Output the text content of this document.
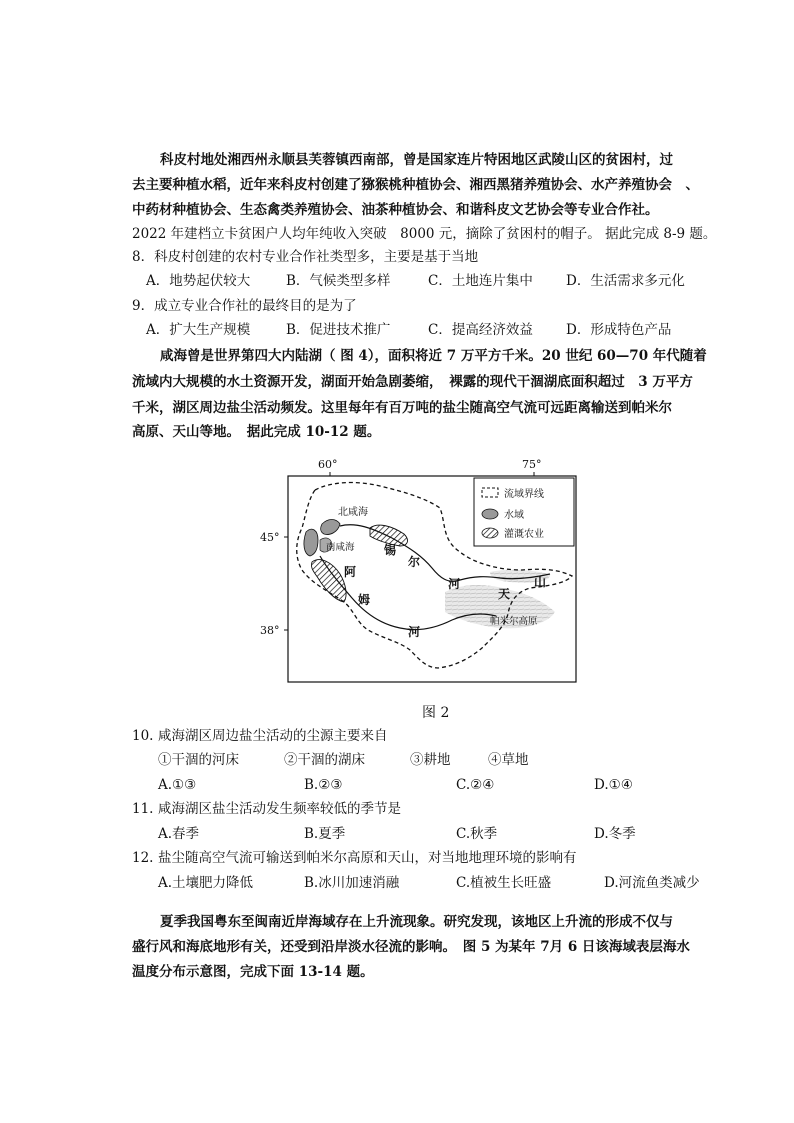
科皮村地处湘西州永顺县芙蓉镇西南部，曾是国家连片特困地区武陵山区的贫困村，过
去主要种植水稻，近年来科皮村创建了猕猴桃种植协会、湘西黑猪养殖协会、水产养殖协会　、
中药材种植协会、生态禽类养殖协会、油茶种植协会、和谐科皮文艺协会等专业合作社。
2022 年建档立卡贫困户人均年纯收入突破　8000 元，摘除了贫困村的帽子。 据此完成 8-9 题。
8．科皮村创建的农村专业合作社类型多，主要是基于当地
A．地势起伏较大	B．气候类型多样	C．土地连片集中 D．生活需求多元化
9．成立专业合作社的最终目的是为了
A．扩大生产规模	B．促进技术推广	C．提高经济效益 D．形成特色产品
咸海曾是世界第四大内陆湖（ 图 4），面积将近 7 万平方千米。20 世纪 60—70 年代随着
流域内大规模的水土资源开发，湖面开始急剧萎缩，　裸露的现代干涸湖底面积超过　3 万平方
千米，湖区周边盐尘活动频发。这里每年有百万吨的盐尘随高空气流可远距离输送到帕米尔
高原、天山等地。　据此完成 10-12 题。
60°	75°
45°
38°
北咸海
南咸海 锡
尔
河
阿
姆
河
天
山
帕米尔高原
流域界线
水域
灌溉农业
图 2
10. 咸海湖区周边盐尘活动的尘源主要来自
①干涸的河床	②干涸的湖床	③耕地	④草地
A.①③	B.②③	C.②④	D.①④
11. 咸海湖区盐尘活动发生频率较低的季节是
A.春季	B.夏季	C.秋季	D.冬季
12. 盐尘随高空气流可输送到帕米尔高原和天山，对当地地理环境的影响有
A.土壤肥力降低	B.冰川加速消融	C.植被生长旺盛	D.河流鱼类减少
夏季我国粤东至闽南近岸海域存在上升流现象。研究发现，该地区上升流的形成不仅与
盛行风和海底地形有关，还受到沿岸淡水径流的影响。　图 5 为某年 7月 6 日该海域表层海水
温度分布示意图，完成下面 13-14 题。
